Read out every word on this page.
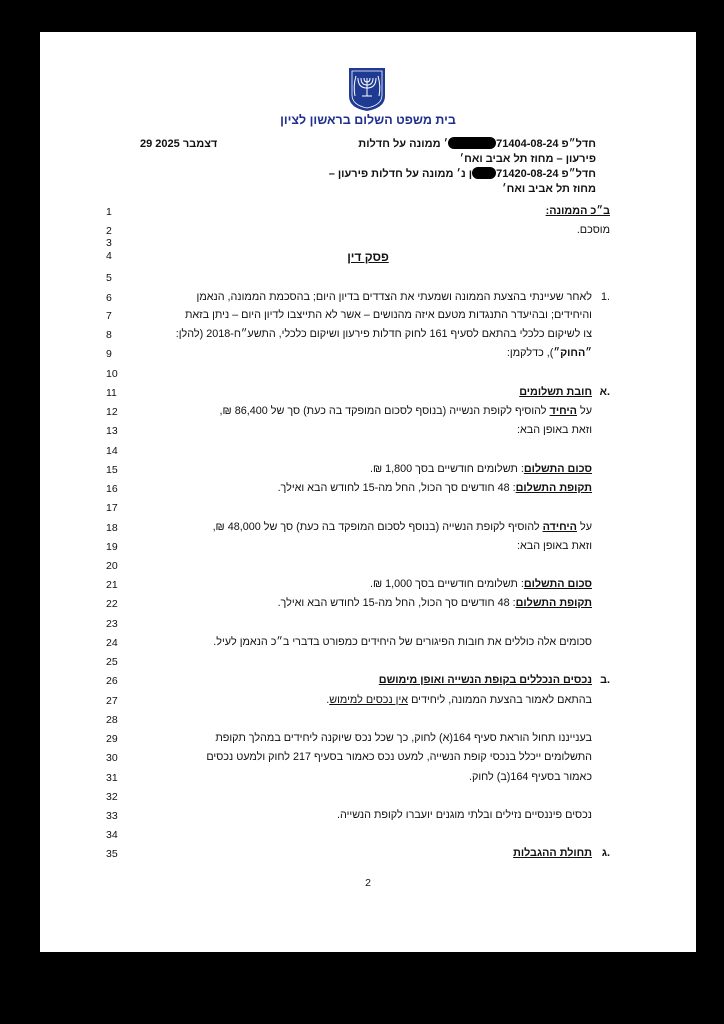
בית משפט השלום בראשון לציון
29 דצמבר 2025	חדל״פ 71404-08-24׳ ממונה על חדלות
פירעון – מחוז תל אביב ואח׳
חדל״פ 71420-08-24ן נ׳ ממונה על חדלות פירעון –
מחוז תל אביב ואח׳
1
2
3
4
5
6
7
8
9
10
11
12
13
14
15
16
17
18
19
20
21
22
23
24
25
26
27
28
29
30
31
32
33
34
35
ב״כ הממונה:
מוסכם.
פסק דין
1.
לאחר שעיינתי בהצעת הממונה ושמעתי את הצדדים בדיון היום; בהסכמת הממונה, הנאמן
והיחידים; ובהיעדר התנגדות מטעם איזה מהנושים – אשר לא התייצבו לדיון היום – ניתן בזאת
צו לשיקום כלכלי בהתאם לסעיף 161 לחוק חדלות פירעון ושיקום כלכלי, התשע״ח-2018 (להלן:
״החוק״), כדלקמן:
א.
חובת תשלומים
על היחיד להוסיף לקופת הנשייה (בנוסף לסכום המופקד בה כעת) סך של 86,400 ₪,
וזאת באופן הבא:
סכום התשלום: תשלומים חודשיים בסך 1,800 ₪.
תקופת התשלום: 48 חודשים סך הכול, החל מה-15 לחודש הבא ואילך.
על היחידה להוסיף לקופת הנשייה (בנוסף לסכום המופקד בה כעת) סך של 48,000 ₪,
וזאת באופן הבא:
סכום התשלום: תשלומים חודשיים בסך 1,000 ₪.
תקופת התשלום: 48 חודשים סך הכול, החל מה-15 לחודש הבא ואילך.
סכומים אלה כוללים את חובות הפיגורים של היחידים כמפורט בדברי ב״כ הנאמן לעיל.
ב.
נכסים הנכללים בקופת הנשייה ואופן מימושם
בהתאם לאמור בהצעת הממונה, ליחידים אין נכסים למימוש.
בענייננו תחול הוראת סעיף 164(א) לחוק, כך שכל נכס שיוקנה ליחידים במהלך תקופת
התשלומים ייכלל בנכסי קופת הנשייה, למעט נכס כאמור בסעיף 217 לחוק ולמעט נכסים
כאמור בסעיף 164(ב) לחוק.
נכסים פיננסיים נזילים ובלתי מוגנים יועברו לקופת הנשייה.
ג.
תחולת ההגבלות
2
